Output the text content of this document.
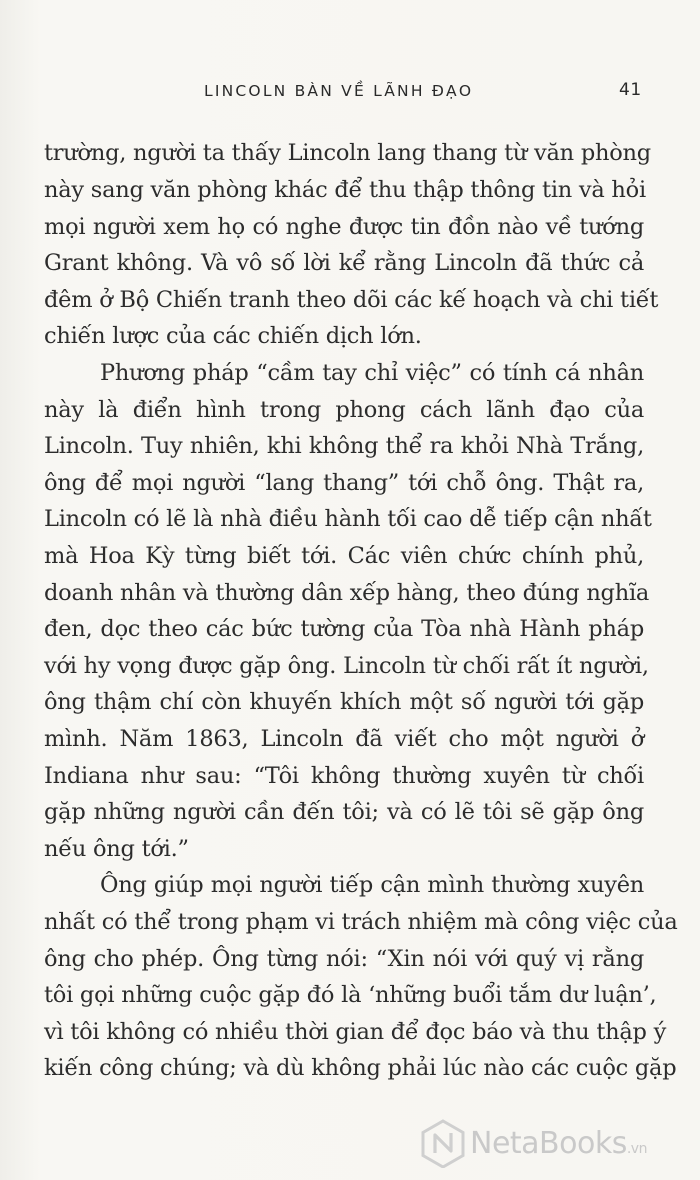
LINCOLN BÀN VỀ LÃNH ĐẠO	41
trường, người ta thấy Lincoln lang thang từ văn phòng
này sang văn phòng khác để thu thập thông tin và hỏi
mọi người xem họ có nghe được tin đồn nào về tướng
Grant không. Và vô số lời kể rằng Lincoln đã thức cả
đêm ở Bộ Chiến tranh theo dõi các kế hoạch và chi tiết
chiến lược của các chiến dịch lớn.
Phương pháp “cầm tay chỉ việc” có tính cá nhân
này là điển hình trong phong cách lãnh đạo của
Lincoln. Tuy nhiên, khi không thể ra khỏi Nhà Trắng,
ông để mọi người “lang thang” tới chỗ ông. Thật ra,
Lincoln có lẽ là nhà điều hành tối cao dễ tiếp cận nhất
mà Hoa Kỳ từng biết tới. Các viên chức chính phủ,
doanh nhân và thường dân xếp hàng, theo đúng nghĩa
đen, dọc theo các bức tường của Tòa nhà Hành pháp
với hy vọng được gặp ông. Lincoln từ chối rất ít người,
ông thậm chí còn khuyến khích một số người tới gặp
mình. Năm 1863, Lincoln đã viết cho một người ở
Indiana như sau: “Tôi không thường xuyên từ chối
gặp những người cần đến tôi; và có lẽ tôi sẽ gặp ông
nếu ông tới.”
Ông giúp mọi người tiếp cận mình thường xuyên
nhất có thể trong phạm vi trách nhiệm mà công việc của
ông cho phép. Ông từng nói: “Xin nói với quý vị rằng
tôi gọi những cuộc gặp đó là ‘những buổi tắm dư luận’,
vì tôi không có nhiều thời gian để đọc báo và thu thập ý
kiến công chúng; và dù không phải lúc nào các cuộc gặp
NetaBooks.vn
